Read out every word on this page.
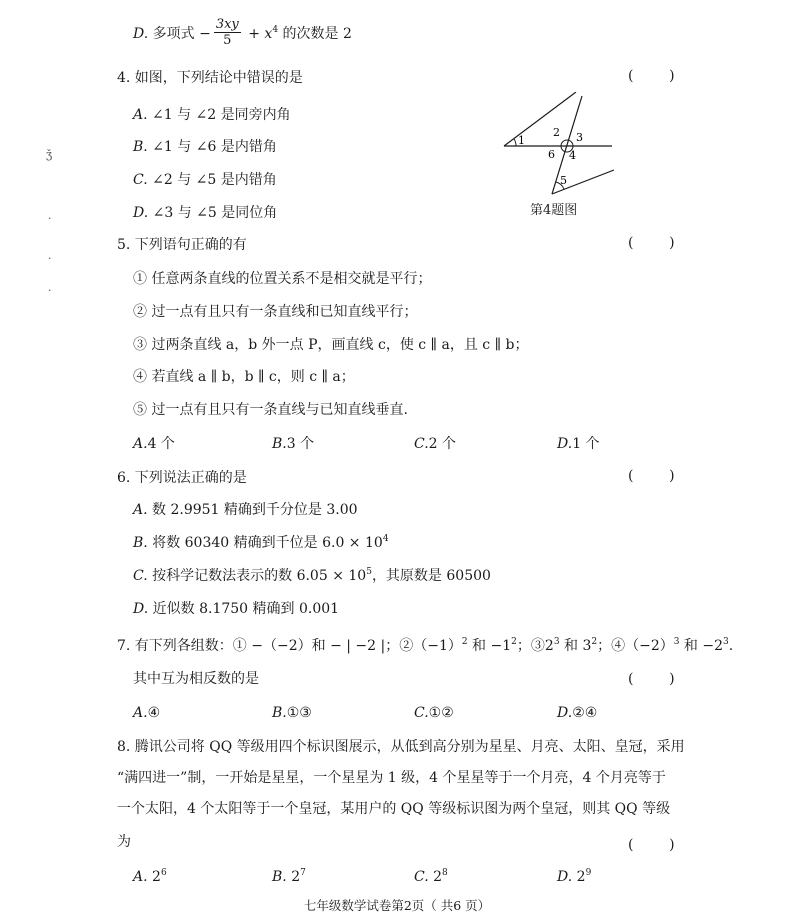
D. 多项式 − $\frac{3xy}{5} + x^4$ 的次数是 2
4. 如图，下列结论中错误的是	(        )
A. ∠1 与 ∠2 是同旁内角
B. ∠1 与 ∠6 是内错角
C. ∠2 与 ∠5 是内错角
D. ∠3 与 ∠5 是同位角
1
2 3
6 4
5
第4题图
5. 下列语句正确的有	(        )
① 任意两条直线的位置关系不是相交就是平行；
② 过一点有且只有一条直线和已知直线平行；
③ 过两条直线 a，b 外一点 P，画直线 c，使 c ∥ a，且 c ∥ b；
④ 若直线 a ∥ b，b ∥ c，则 c ∥ a；
⑤ 过一点有且只有一条直线与已知直线垂直.
A.4 个	B.3 个	C.2 个	D.1 个
6. 下列说法正确的是	(        )
A. 数 2.9951 精确到千分位是 3.00
B. 将数 60340 精确到千位是 $6.0 \times 10^4$
C. 按科学记数法表示的数 $6.05 \times 10^5$，其原数是 60500
D. 近似数 8.1750 精确到 0.001
7. 有下列各组数：① −（−2）和 − | −2 |；$②(-1)^2$ 和 $-1^2$；$③2^3$ 和 $3^2$；$④(-2)^3$ 和 $-2^3$.
其中互为相反数的是	(        )
A.④	B.①③	C.①②	D.②④
8. 腾讯公司将 QQ 等级用四个标识图展示，从低到高分别为星星、月亮、太阳、皇冠，采用
“满四进一”制，一开始是星星，一个星星为 1 级，4 个星星等于一个月亮，4 个月亮等于
一个太阳，4 个太阳等于一个皇冠，某用户的 QQ 等级标识图为两个皇冠，则其 QQ 等级
为	(        )
A. $2^6$	B. $2^7$	C. $2^8$	D. $2^9$
七年级数学试卷第2页（ 共6 页）
ǯ
·
·
·
